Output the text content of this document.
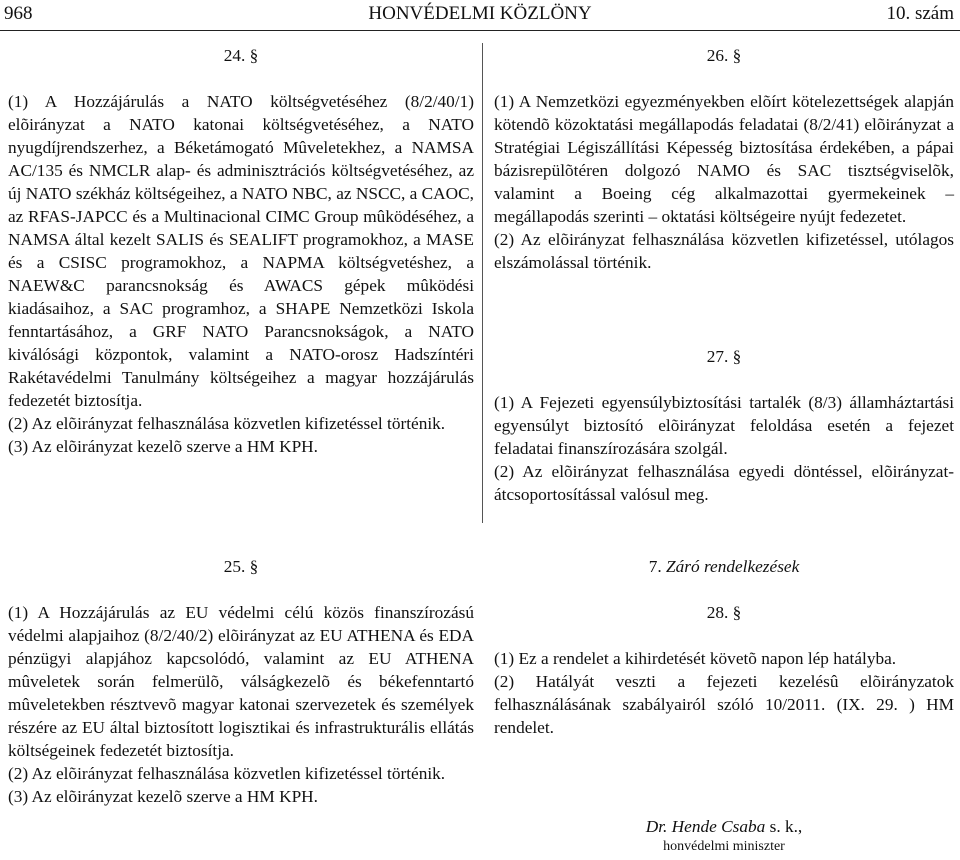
968	HONVÉDELMI KÖZLÖNY	10. szám
24. §

(1) A Hozzájárulás a NATO költségvetéséhez (8/2/40/1) elõirányzat a NATO katonai költségvetéséhez, a NATO nyugdíjrendszerhez, a Béketámogató Mûveletekhez, a NAMSA AC/135 és NMCLR alap- és adminisztrációs költségvetéséhez, az új NATO székház költségeihez, a NATO NBC, az NSCC, a CAOC, az RFAS-JAPCC és a Multinacional CIMC Group mûködéséhez, a NAMSA által kezelt SALIS és SEALIFT programokhoz, a MASE és a CSISC programokhoz, a NAPMA költségvetéshez, a NAEW&C parancsnokság és AWACS gépek mûködési kiadásaihoz, a SAC programhoz, a SHAPE Nemzetközi Iskola fenntartásához, a GRF NATO Parancsnokságok, a NATO kiválósági központok, valamint a NATO-orosz Hadszíntéri Rakétavédelmi Tanulmány költségeihez a magyar hozzájárulás fedezetét biztosítja.

(2) Az elõirányzat felhasználása közvetlen kifizetéssel történik.

(3) Az elõirányzat kezelõ szerve a HM KPH.

25. §

(1) A Hozzájárulás az EU védelmi célú közös finanszírozású védelmi alapjaihoz (8/2/40/2) elõirányzat az EU ATHENA és EDA pénzügyi alapjához kapcsolódó, valamint az EU ATHENA mûveletek során felmerülõ, válságkezelõ és békefenntartó mûveletekben résztvevõ magyar katonai szervezetek és személyek részére az EU által biztosított logisztikai és infrastrukturális ellátás költségeinek fedezetét biztosítja.

(2) Az elõirányzat felhasználása közvetlen kifizetéssel történik.

(3) Az elõirányzat kezelõ szerve a HM KPH.

26. §

(1) A Nemzetközi egyezményekben elõírt kötelezettségek alapján kötendõ közoktatási megállapodás feladatai (8/2/41) elõirányzat a Stratégiai Légiszállítási Képesség biztosítása érdekében, a pápai bázisrepülõtéren dolgozó NAMO és SAC tisztségviselõk, valamint a Boeing cég alkalmazottai gyermekeinek – megállapodás szerinti – oktatási költségeire nyújt fedezetet.

(2) Az elõirányzat felhasználása közvetlen kifizetéssel, utólagos elszámolással történik.

27. §

(1) A Fejezeti egyensúlybiztosítási tartalék (8/3) államháztartási egyensúlyt biztosító elõirányzat feloldása esetén a fejezet feladatai finanszírozására szolgál.

(2) Az elõirányzat felhasználása egyedi döntéssel, elõirányzat-átcsoportosítással valósul meg.

7. Záró rendelkezések
28. §

(1) Ez a rendelet a kihirdetését követõ napon lép hatályba.

(2) Hatályát veszti a fejezeti kezelésû elõirányzatok felhasználásának szabályairól szóló 10/2011. (IX. 29. ) HM rendelet.

Dr. Hende Csaba s. k.,
honvédelmi miniszter
